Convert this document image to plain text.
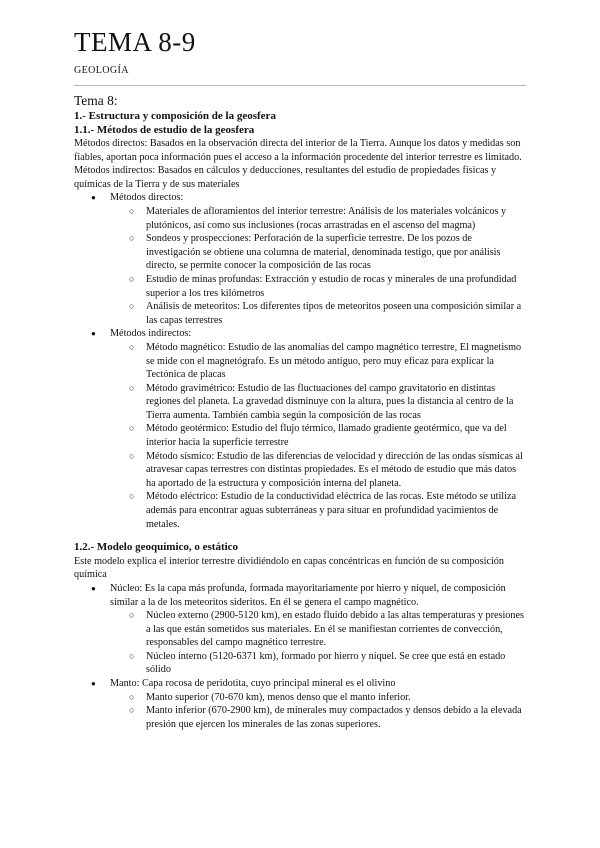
TEMA 8-9
GEOLOGÍA
Tema 8:
1.- Estructura y composición de la geosfera
1.1.- Métodos de estudio de la geosfera

Métodos directos: Basados en la observación directa del interior de la Tierra. Aunque los datos y medidas son fiables, aportan poca información pues el acceso a la información procedente del interior terrestre es limitado.

Métodos indirectos: Basados en cálculos y deducciones, resultantes del estudio de propiedades físicas y químicas de la Tierra y de sus materiales

● Métodos directos:
○ Materiales de afloramientos del interior terrestre: Análisis de los materiales volcánicos y plutónicos, así como sus inclusiones (rocas arrastradas en el ascenso del magma)
○ Sondeos y prospecciones: Perforación de la superficie terrestre. De los pozos de investigación se obtiene una columna de material, denominada testigo, que por análisis directo, se permite conocer la composición de las rocas
○ Estudio de minas profundas: Extracción y estudio de rocas y minerales de una profundidad superior a los tres kilómetros
○ Análisis de meteoritos: Los diferentes tipos de meteoritos poseen una composición similar a las capas terrestres
● Métodos indirectos:
○ Método magnético: Estudio de las anomalías del campo magnético terrestre, El magnetismo se mide con el magnetógrafo. Es un método antiguo, pero muy eficaz para explicar la Tectónica de placas
○ Método gravimétrico: Estudio de las fluctuaciones del campo gravitatorio en distintas regiones del planeta. La gravedad disminuye con la altura, pues la distancia al centro de la Tierra aumenta. También cambia según la composición de las rocas
○ Método geotérmico: Estudio del flujo térmico, llamado gradiente geotérmico, que va del interior hacia la superficie terrestre
○ Método sísmico: Estudio de las diferencias de velocidad y dirección de las ondas sísmicas al atravesar capas terrestres con distintas propiedades. Es el método de estudio que más datos ha aportado de la estructura y composición interna del planeta.
○ Método eléctrico: Estudio de la conductividad eléctrica de las rocas. Este método se utiliza además para encontrar aguas subterráneas y para situar en profundidad yacimientos de metales.
1.2.- Modelo geoquímico, o estático

Este modelo explica el interior terrestre dividiéndolo en capas concéntricas en función de su composición química

● Núcleo: Es la capa más profunda, formada mayoritariamente por hierro y níquel, de composición similar a la de los meteoritos sideritos. En él se genera el campo magnético.
○ Núcleo externo (2900-5120 km), en estado fluido debido a las altas temperaturas y presiones a las que están sometidos sus materiales. En él se manifiestan corrientes de convección, responsables del campo magnético terrestre.
○ Núcleo interno (5120-6371 km), formado por hierro y níquel. Se cree que está en estado sólido
● Manto: Capa rocosa de peridotita, cuyo principal mineral es el olivino
○ Manto superior (70-670 km), menos denso que el manto inferior.
○ Manto inferior (670-2900 km), de minerales muy compactados y densos debido a la elevada presión que ejercen los minerales de las zonas superiores.
